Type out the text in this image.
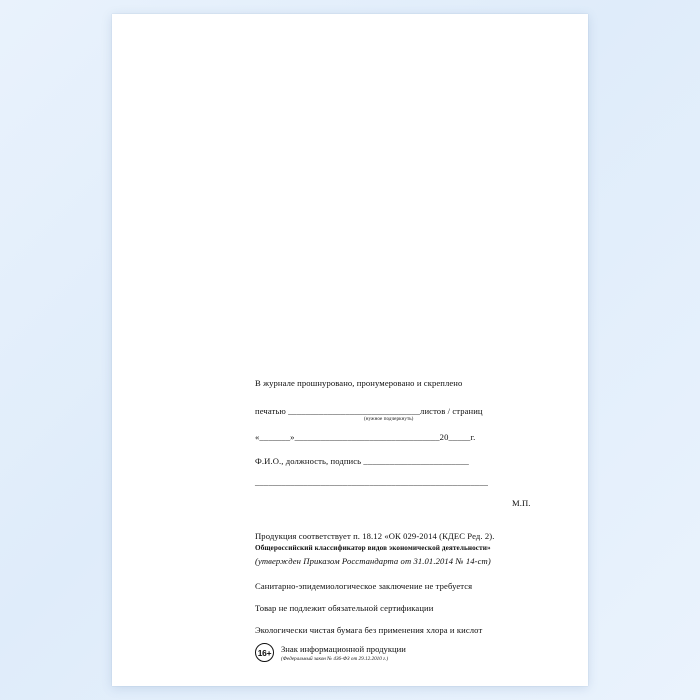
В журнале прошнуровано, пронумеровано и скреплено
печатью ______________________________листов / страниц
(нужное подчеркнуть)
«_______»_________________________________20_____г.
Ф.И.О., должность, подпись ________________________
_____________________________________________________
М.П.
Продукция соответствует п. 18.12 «ОК 029-2014 (КДЕС Ред. 2).
Общероссийский классификатор видов экономической деятельности»
(утвержден Приказом Росстандарта от 31.01.2014 № 14-ст)
Санитарно-эпидемиологическое заключение не требуется
Товар не подлежит обязательной сертификации
Экологически чистая бумага без применения хлора и кислот
16+	Знак информационной продукции
(Федеральный закон № 436-ФЗ от 29.12.2010 г.)
